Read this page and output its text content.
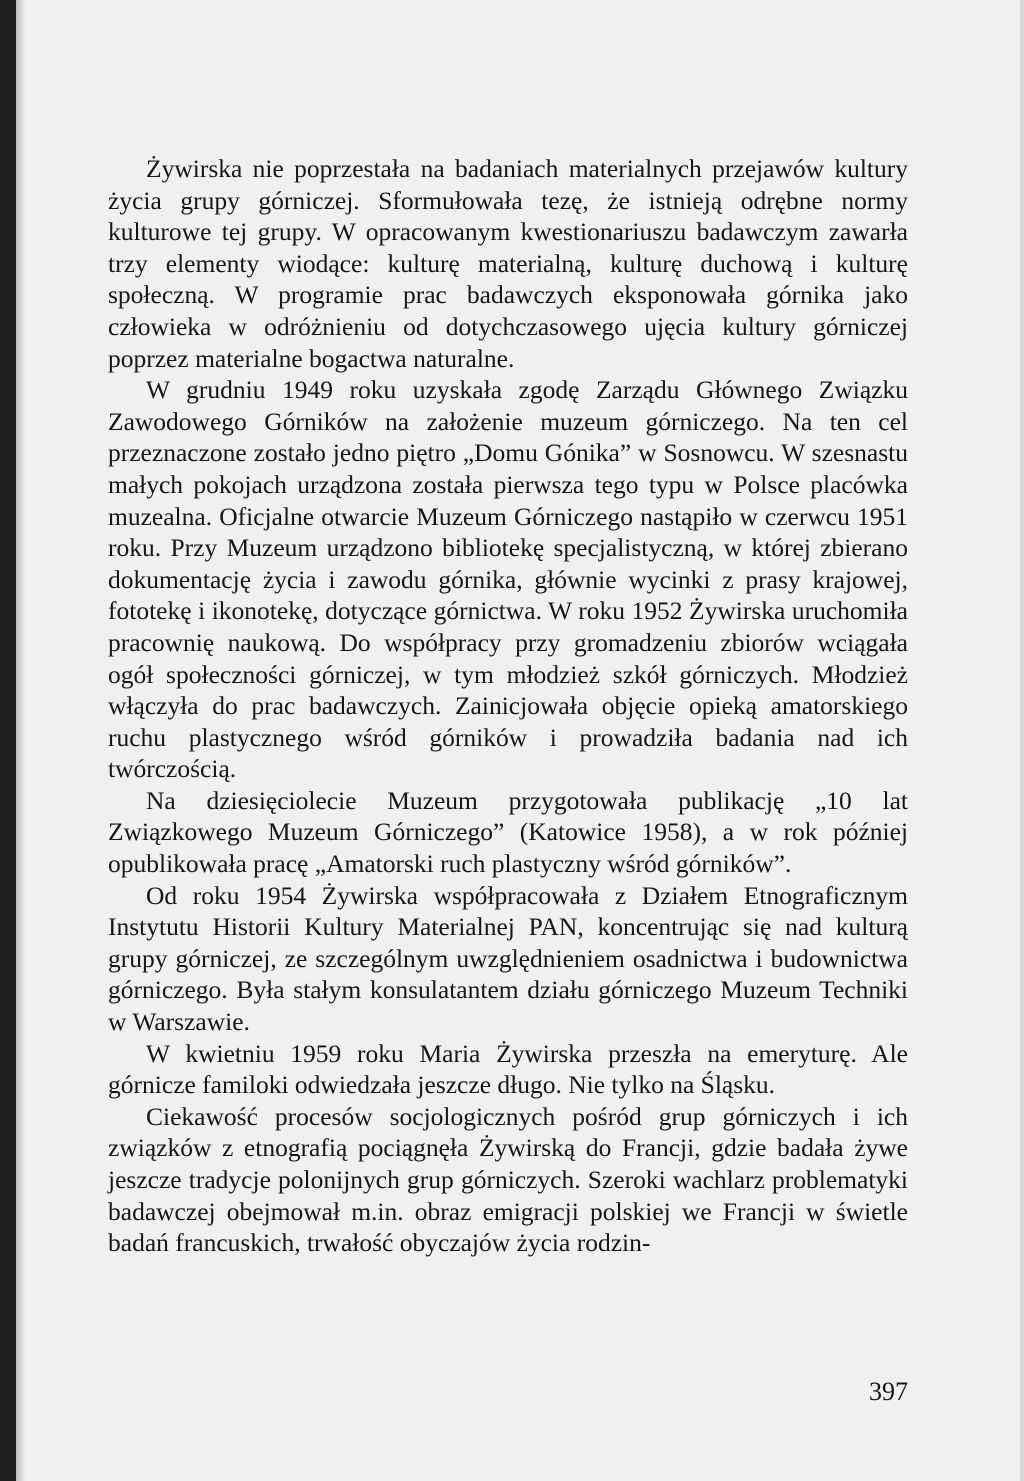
Żywirska nie poprzestała na badaniach materialnych przejawów kultury życia grupy górniczej. Sformułowała tezę, że istnieją odrębne normy kulturowe tej grupy. W opracowanym kwestionariuszu badawczym zawarła trzy elementy wiodące: kulturę materialną, kulturę duchową i kulturę społeczną. W programie prac badawczych eksponowała górnika jako człowieka w odróżnieniu od dotychczasowego ujęcia kultury górniczej poprzez materialne bogactwa naturalne.

W grudniu 1949 roku uzyskała zgodę Zarządu Głównego Związku Zawodowego Górników na założenie muzeum górniczego. Na ten cel przeznaczone zostało jedno piętro „Domu Gónika” w Sosnowcu. W szesnastu małych pokojach urządzona została pierwsza tego typu w Polsce placówka muzealna. Oficjalne otwarcie Muzeum Górniczego nastąpiło w czerwcu 1951 roku. Przy Muzeum urządzono bibliotekę specjalistyczną, w której zbierano dokumentację życia i zawodu górnika, głównie wycinki z prasy krajowej, fototekę i ikonotekę, dotyczące górnictwa. W roku 1952 Żywirska uruchomiła pracownię naukową. Do współpracy przy gromadzeniu zbiorów wciągała ogół społeczności górniczej, w tym młodzież szkół górniczych. Młodzież włączyła do prac badawczych. Zainicjowała objęcie opieką amatorskiego ruchu plastycznego wśród górników i prowadziła badania nad ich twórczością.

Na dziesięciolecie Muzeum przygotowała publikację „10 lat Związkowego Muzeum Górniczego” (Katowice 1958), a w rok później opublikowała pracę „Amatorski ruch plastyczny wśród górników”.

Od roku 1954 Żywirska współpracowała z Działem Etnograficznym Instytutu Historii Kultury Materialnej PAN, koncentrując się nad kulturą grupy górniczej, ze szczególnym uwzględnieniem osadnictwa i budownictwa górniczego. Była stałym konsulatantem działu górniczego Muzeum Techniki w Warszawie.

W kwietniu 1959 roku Maria Żywirska przeszła na emeryturę. Ale górnicze familoki odwiedzała jeszcze długo. Nie tylko na Śląsku.

Ciekawość procesów socjologicznych pośród grup górniczych i ich związków z etnografią pociągnęła Żywirską do Francji, gdzie badała żywe jeszcze tradycje polonijnych grup górniczych. Szeroki wachlarz problematyki badawczej obejmował m.in. obraz emigracji polskiej we Francji w świetle badań francuskich, trwałość obyczajów życia rodzin-

397
